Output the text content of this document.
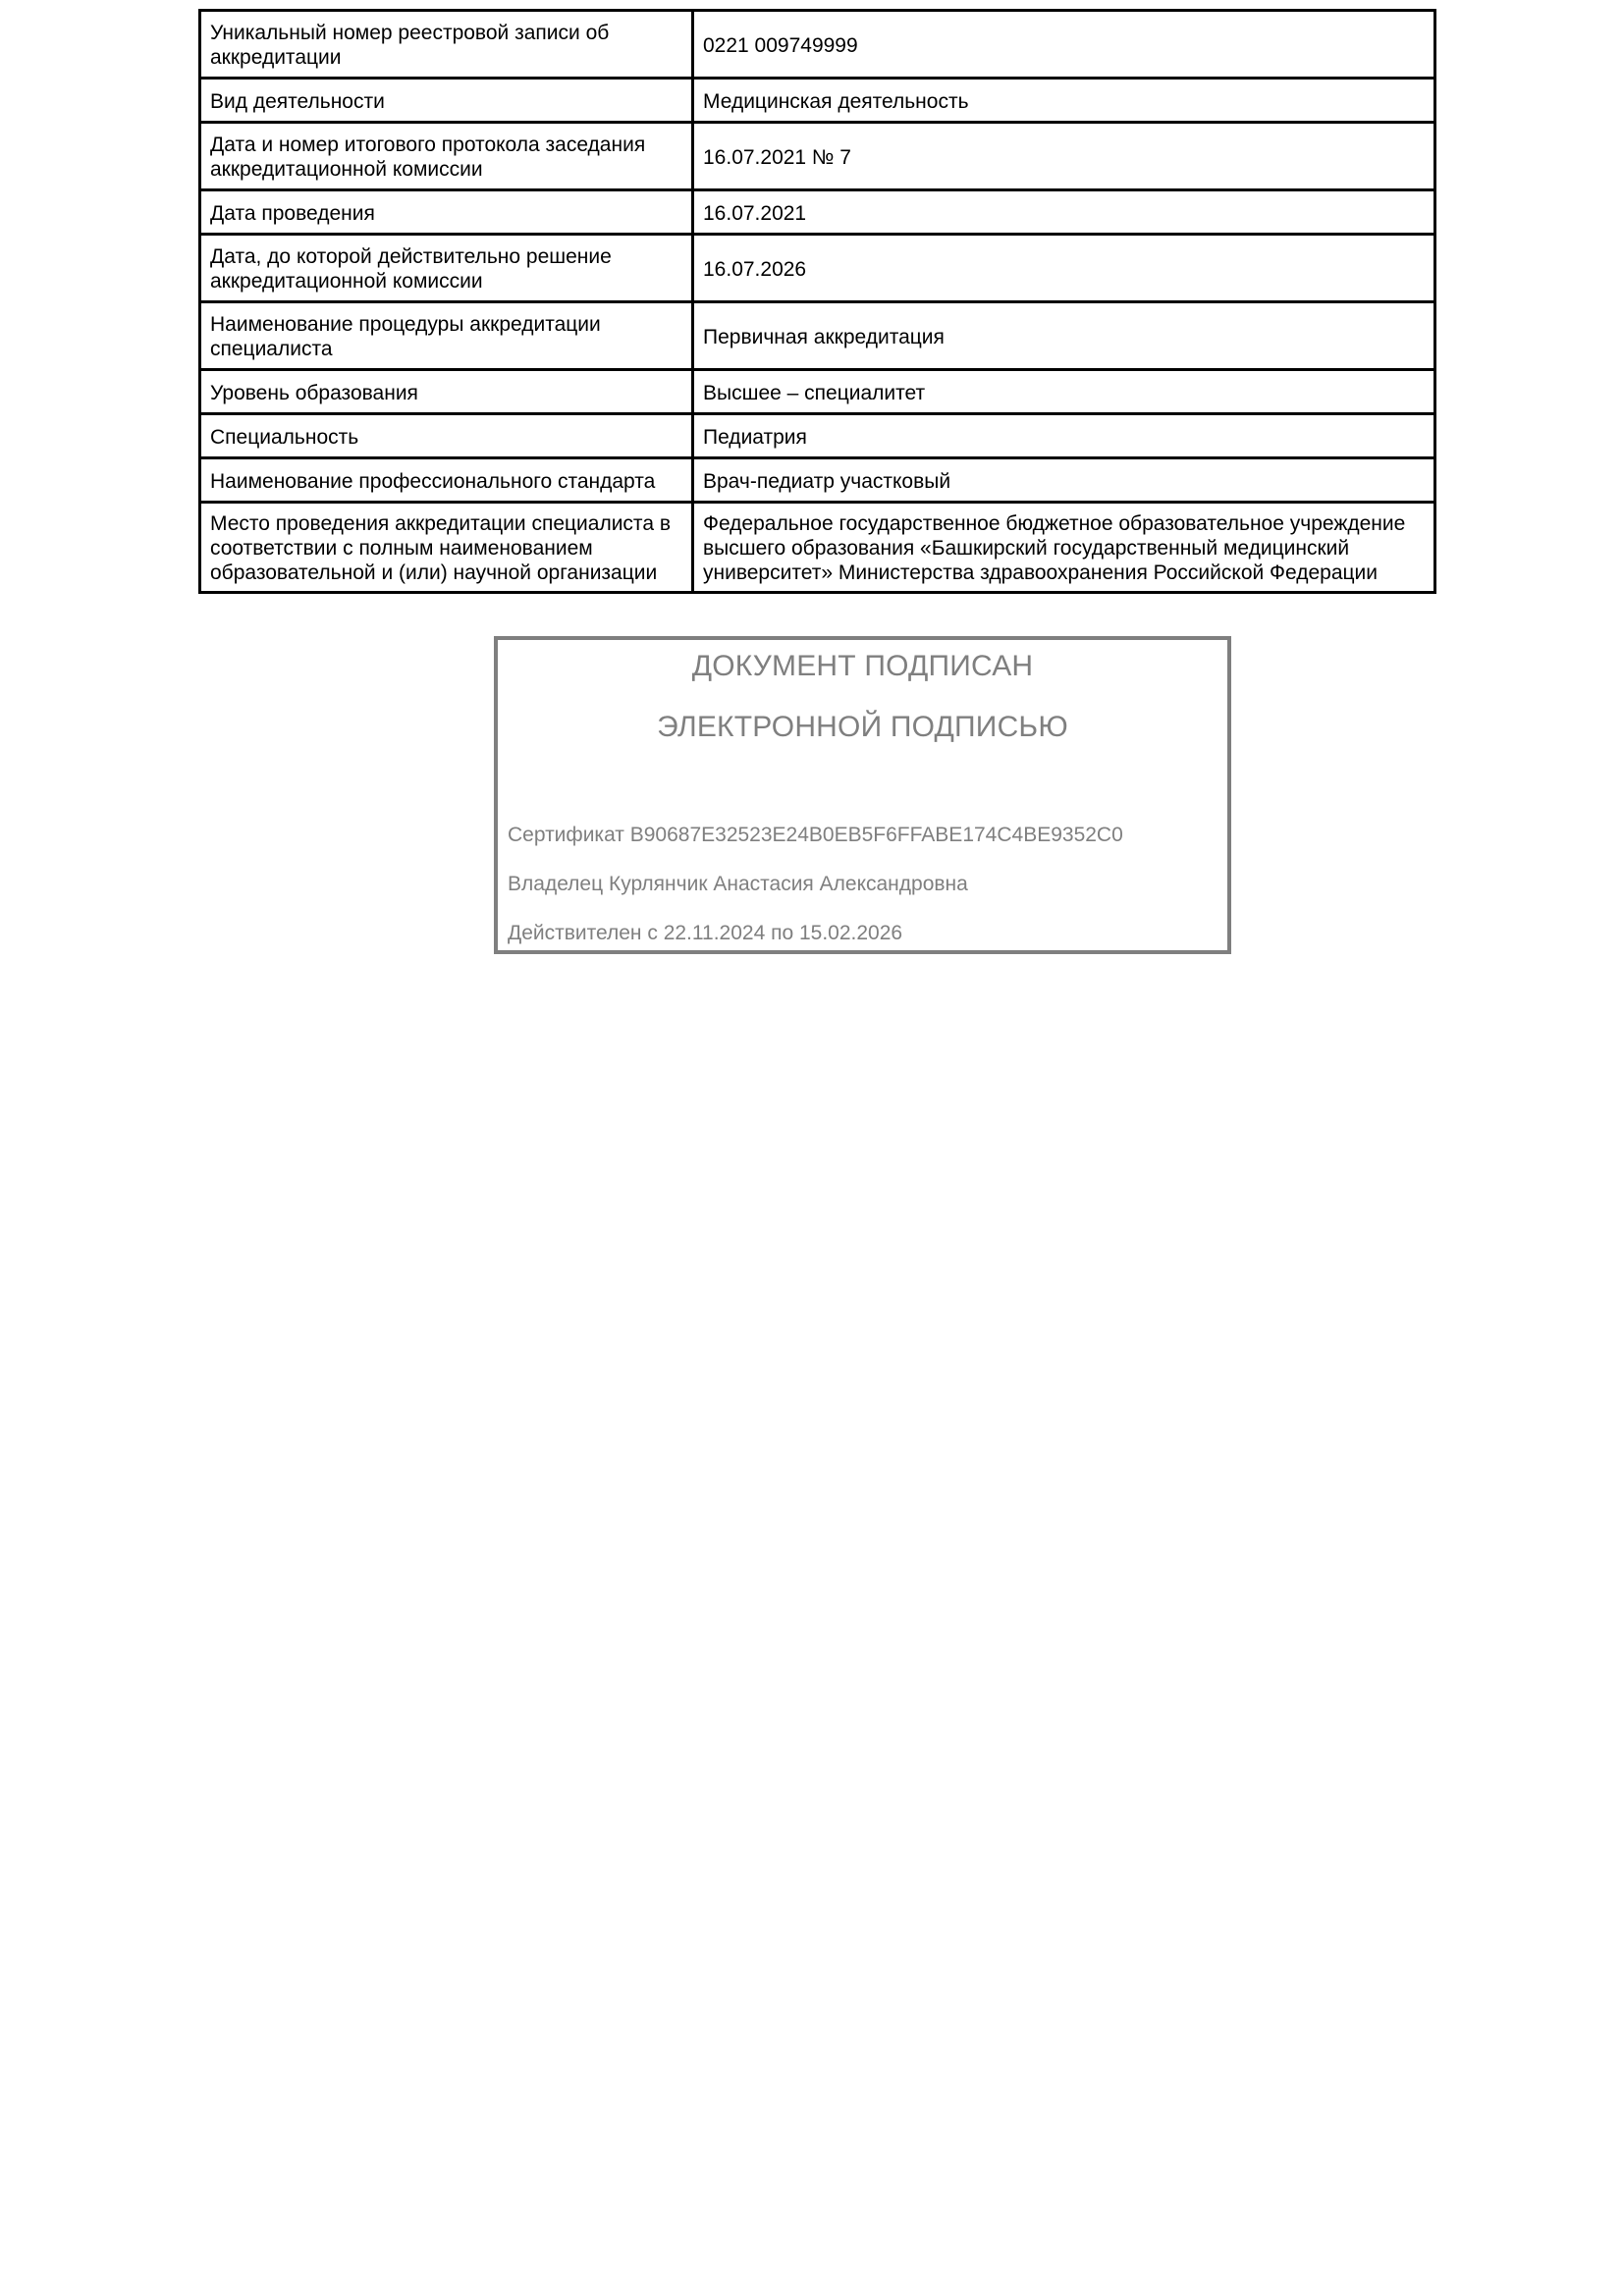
Уникальный номер реестровой записи об аккредитации	0221 009749999
Вид деятельности	Медицинская деятельность
Дата и номер итогового протокола заседания аккредитационной комиссии	16.07.2021 № 7
Дата проведения	16.07.2021
Дата, до которой действительно решение аккредитационной комиссии	16.07.2026
Наименование процедуры аккредитации специалиста	Первичная аккредитация
Уровень образования	Высшее – специалитет
Специальность	Педиатрия
Наименование профессионального стандарта	Врач-педиатр участковый
Место проведения аккредитации специалиста в соответствии с полным наименованием образовательной и (или) научной организации	Федеральное государственное бюджетное образовательное учреждение высшего образования «Башкирский государственный медицинский университет» Министерства здравоохранения Российской Федерации
ДОКУМЕНТ ПОДПИСАН
ЭЛЕКТРОННОЙ ПОДПИСЬЮ
Сертификат B90687E32523E24B0EB5F6FFABE174C4BE9352C0
Владелец Курлянчик Анастасия Александровна
Действителен с 22.11.2024 по 15.02.2026
